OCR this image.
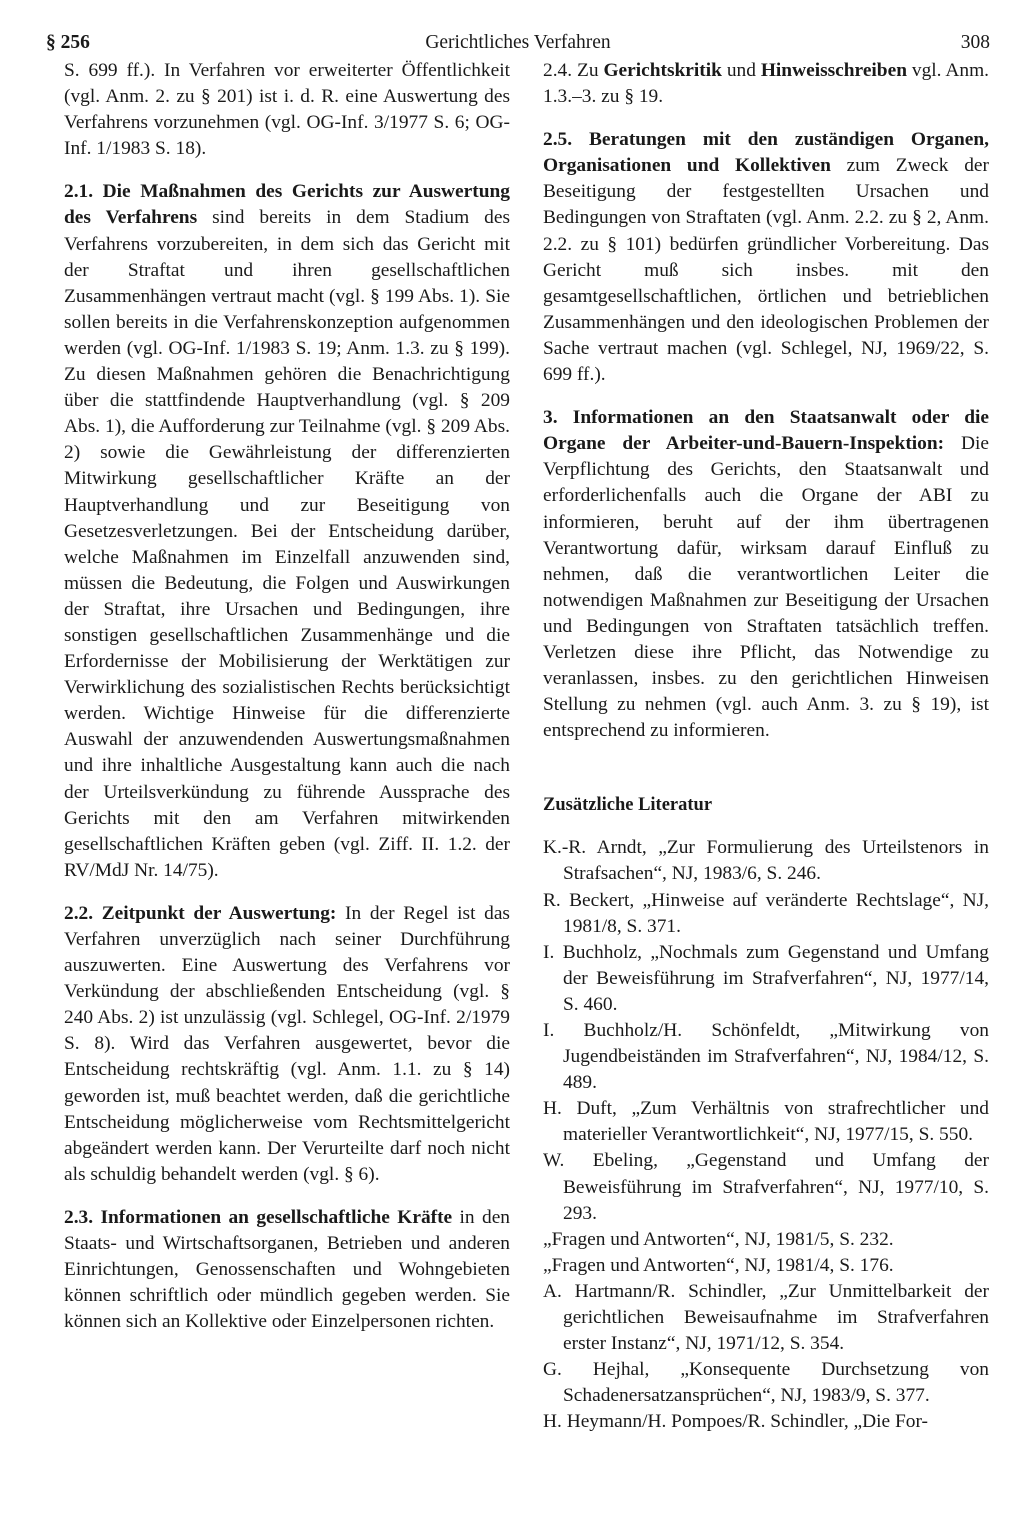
Gerichtliches Verfahren
§ 256	308

S. 699 ff.). In Verfahren vor erweiterter Öffentlichkeit (vgl. Anm. 2. zu § 201) ist i. d. R. eine Auswertung des Verfahrens vorzunehmen (vgl. OG-Inf. 3/1977 S. 6; OG-Inf. 1/1983 S. 18).

2.1. Die Maßnahmen des Gerichts zur Auswertung des Verfahrens sind bereits in dem Stadium des Verfahrens vorzubereiten, in dem sich das Gericht mit der Straftat und ihren gesellschaftlichen Zusammenhängen vertraut macht (vgl. § 199 Abs. 1). Sie sollen bereits in die Verfahrenskonzeption aufgenommen werden (vgl. OG-Inf. 1/1983 S. 19; Anm. 1.3. zu § 199). Zu diesen Maßnahmen gehören die Benachrichtigung über die stattfindende Hauptverhandlung (vgl. § 209 Abs. 1), die Aufforderung zur Teilnahme (vgl. § 209 Abs. 2) sowie die Gewährleistung der differenzierten Mitwirkung gesellschaftlicher Kräfte an der Hauptverhandlung und zur Beseitigung von Gesetzesverletzungen. Bei der Entscheidung darüber, welche Maßnahmen im Einzelfall anzuwenden sind, müssen die Bedeutung, die Folgen und Auswirkungen der Straftat, ihre Ursachen und Bedingungen, ihre sonstigen gesellschaftlichen Zusammenhänge und die Erfordernisse der Mobilisierung der Werktätigen zur Verwirklichung des sozialistischen Rechts berücksichtigt werden. Wichtige Hinweise für die differenzierte Auswahl der anzuwendenden Auswertungsmaßnahmen und ihre inhaltliche Ausgestaltung kann auch die nach der Urteilsverkündung zu führende Aussprache des Gerichts mit den am Verfahren mitwirkenden gesellschaftlichen Kräften geben (vgl. Ziff. II. 1.2. der RV/MdJ Nr. 14/75).

2.2. Zeitpunkt der Auswertung: In der Regel ist das Verfahren unverzüglich nach seiner Durchführung auszuwerten. Eine Auswertung des Verfahrens vor Verkündung der abschließenden Entscheidung (vgl. § 240 Abs. 2) ist unzulässig (vgl. Schlegel, OG-Inf. 2/1979 S. 8). Wird das Verfahren ausgewertet, bevor die Entscheidung rechtskräftig (vgl. Anm. 1.1. zu § 14) geworden ist, muß beachtet werden, daß die gerichtliche Entscheidung möglicherweise vom Rechtsmittelgericht abgeändert werden kann. Der Verurteilte darf noch nicht als schuldig behandelt werden (vgl. § 6).

2.3. Informationen an gesellschaftliche Kräfte in den Staats- und Wirtschaftsorganen, Betrieben und anderen Einrichtungen, Genossenschaften und Wohngebieten können schriftlich oder mündlich gegeben werden. Sie können sich an Kollektive oder Einzelpersonen richten.

2.4. Zu Gerichtskritik und Hinweisschreiben vgl. Anm. 1.3.–3. zu § 19.

2.5. Beratungen mit den zuständigen Organen, Organisationen und Kollektiven zum Zweck der Beseitigung der festgestellten Ursachen und Bedingungen von Straftaten (vgl. Anm. 2.2. zu § 2, Anm. 2.2. zu § 101) bedürfen gründlicher Vorbereitung. Das Gericht muß sich insbes. mit den gesamtgesellschaftlichen, örtlichen und betrieblichen Zusammenhängen und den ideologischen Problemen der Sache vertraut machen (vgl. Schlegel, NJ, 1969/22, S. 699 ff.).

3. Informationen an den Staatsanwalt oder die Organe der Arbeiter-und-Bauern-Inspektion: Die Verpflichtung des Gerichts, den Staatsanwalt und erforderlichenfalls auch die Organe der ABI zu informieren, beruht auf der ihm übertragenen Verantwortung dafür, wirksam darauf Einfluß zu nehmen, daß die verantwortlichen Leiter die notwendigen Maßnahmen zur Beseitigung der Ursachen und Bedingungen von Straftaten tatsächlich treffen. Verletzen diese ihre Pflicht, das Notwendige zu veranlassen, insbes. zu den gerichtlichen Hinweisen Stellung zu nehmen (vgl. auch Anm. 3. zu § 19), ist entsprechend zu informieren.

Zusätzliche Literatur

K.-R. Arndt, „Zur Formulierung des Urteilstenors in Strafsachen“, NJ, 1983/6, S. 246.
R. Beckert, „Hinweise auf veränderte Rechtslage“, NJ, 1981/8, S. 371.
I. Buchholz, „Nochmals zum Gegenstand und Umfang der Beweisführung im Strafverfahren“, NJ, 1977/14, S. 460.
I. Buchholz/H. Schönfeldt, „Mitwirkung von Jugendbeiständen im Strafverfahren“, NJ, 1984/12, S. 489.
H. Duft, „Zum Verhältnis von strafrechtlicher und materieller Verantwortlichkeit“, NJ, 1977/15, S. 550.
W. Ebeling, „Gegenstand und Umfang der Beweisführung im Strafverfahren“, NJ, 1977/10, S. 293.
„Fragen und Antworten“, NJ, 1981/5, S. 232.
„Fragen und Antworten“, NJ, 1981/4, S. 176.
A. Hartmann/R. Schindler, „Zur Unmittelbarkeit der gerichtlichen Beweisaufnahme im Strafverfahren erster Instanz“, NJ, 1971/12, S. 354.
G. Hejhal, „Konsequente Durchsetzung von Schadenersatzansprüchen“, NJ, 1983/9, S. 377.
H. Heymann/H. Pompoes/R. Schindler, „Die For-
